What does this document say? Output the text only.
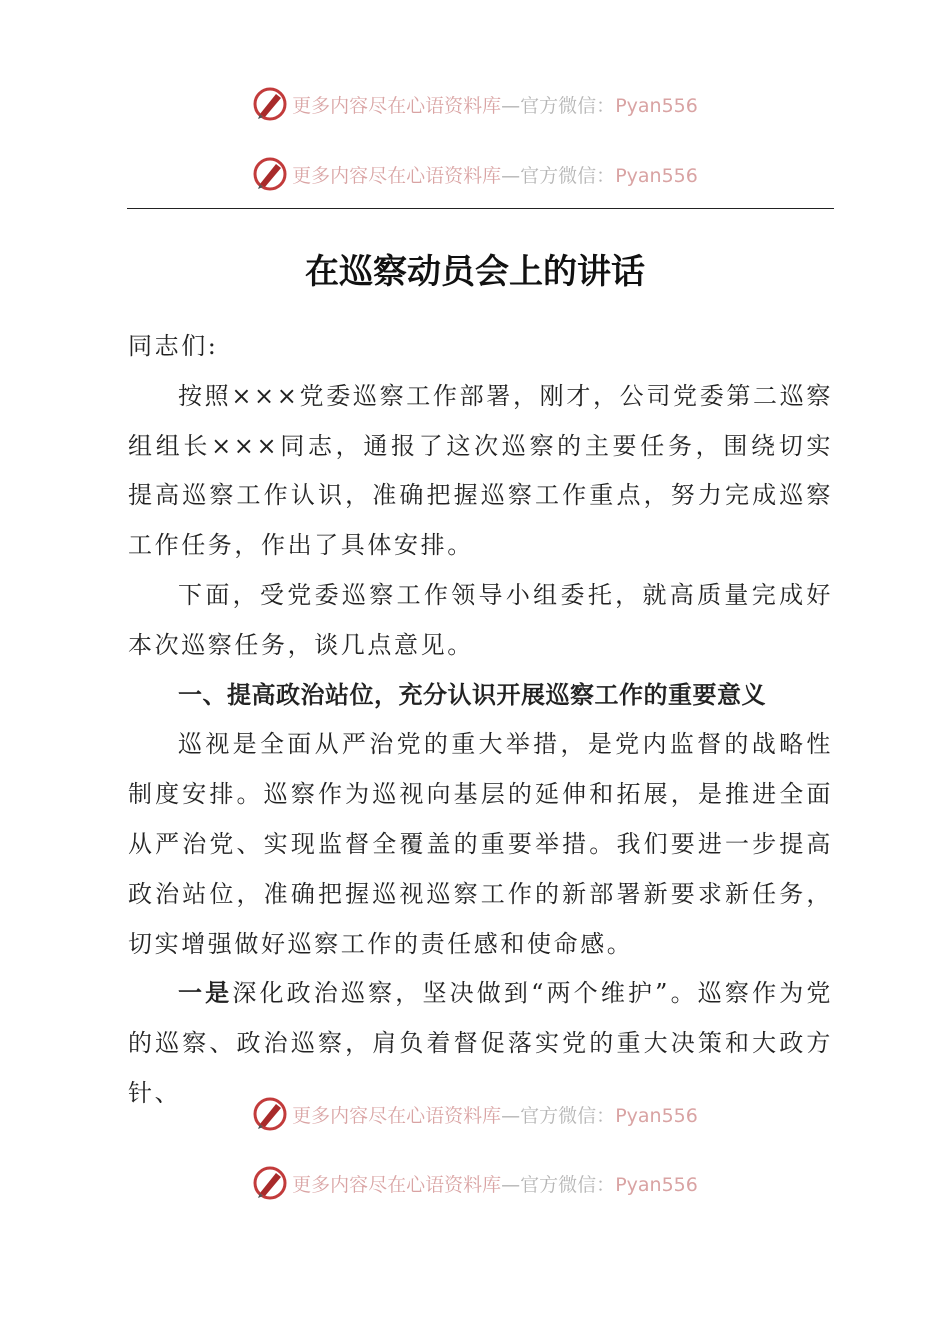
更多内容尽在心语资料库—官方微信：Pyan556
更多内容尽在心语资料库—官方微信：Pyan556
在巡察动员会上的讲话

同志们:

按照×××党委巡察工作部署，刚才，公司党委第二巡察组组长×××同志，通报了这次巡察的主要任务，围绕切实提高巡察工作认识，准确把握巡察工作重点，努力完成巡察工作任务，作出了具体安排。

下面，受党委巡察工作领导小组委托，就高质量完成好本次巡察任务，谈几点意见。

一、提高政治站位，充分认识开展巡察工作的重要意义

巡视是全面从严治党的重大举措，是党内监督的战略性制度安排。巡察作为巡视向基层的延伸和拓展，是推进全面从严治党、实现监督全覆盖的重要举措。我们要进一步提高政治站位，准确把握巡视巡察工作的新部署新要求新任务，切实增强做好巡察工作的责任感和使命感。

一是深化政治巡察，坚决做到“两个维护”。巡察作为党的巡察、政治巡察，肩负着督促落实党的重大决策和大政方针、

更多内容尽在心语资料库—官方微信：Pyan556
更多内容尽在心语资料库—官方微信：Pyan556
